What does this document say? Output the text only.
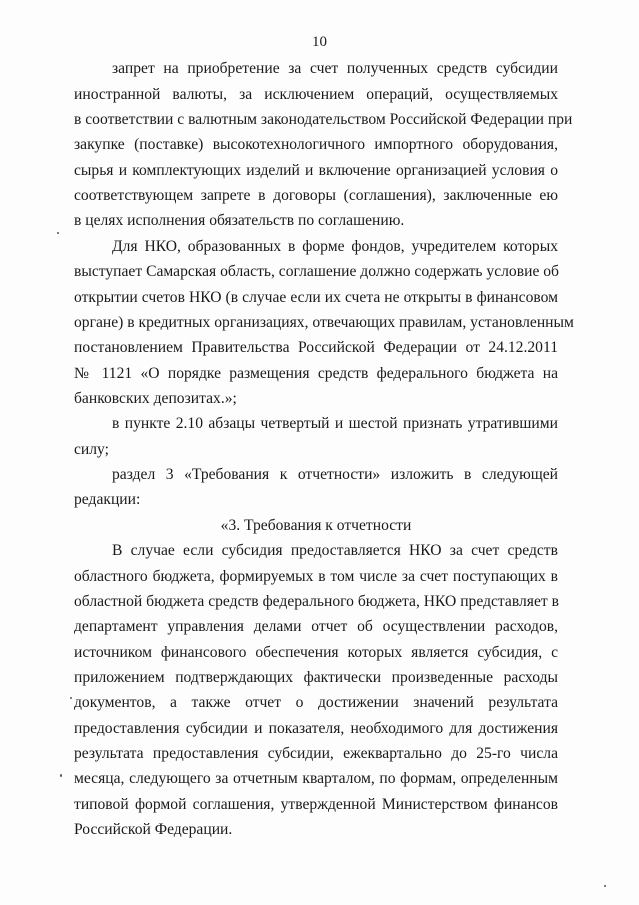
10
запрет на приобретение за счет полученных средств субсидии
иностранной валюты, за исключением операций, осуществляемых
в соответствии с валютным законодательством Российской Федерации при
закупке (поставке) высокотехнологичного импортного оборудования,
сырья и комплектующих изделий и включение организацией условия о
соответствующем запрете в договоры (соглашения), заключенные ею
в целях исполнения обязательств по соглашению.
Для НКО, образованных в форме фондов, учредителем которых
выступает Самарская область, соглашение должно содержать условие об
открытии счетов НКО (в случае если их счета не открыты в финансовом
органе) в кредитных организациях, отвечающих правилам, установленным
постановлением Правительства Российской Федерации от 24.12.2011
№ 1121 «О порядке размещения средств федерального бюджета на
банковских депозитах.»;
в пункте 2.10 абзацы четвертый и шестой признать утратившими
силу;
раздел 3 «Требования к отчетности» изложить в следующей
редакции:
«3. Требования к отчетности
В случае если субсидия предоставляется НКО за счет средств
областного бюджета, формируемых в том числе за счет поступающих в
областной бюджета средств федерального бюджета, НКО представляет в
департамент управления делами отчет об осуществлении расходов,
источником финансового обеспечения которых является субсидия, с
приложением подтверждающих фактически произведенные расходы
документов, а также отчет о достижении значений результата
предоставления субсидии и показателя, необходимого для достижения
результата предоставления субсидии, ежеквартально до 25-го числа
месяца, следующего за отчетным кварталом, по формам, определенным
типовой формой соглашения, утвержденной Министерством финансов
Российской Федерации.
